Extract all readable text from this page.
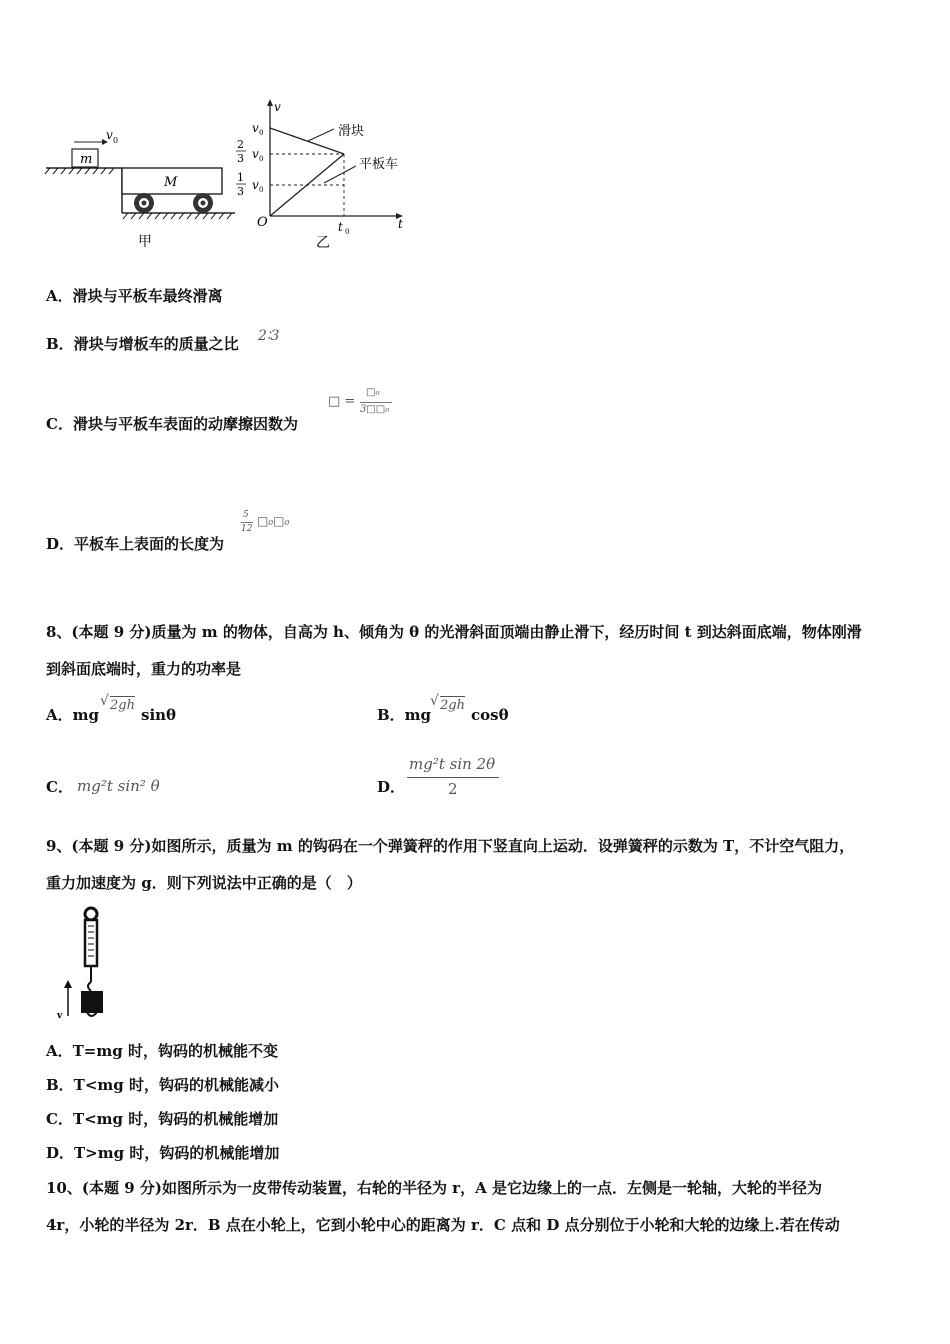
m
v 0
M
甲
v
t
O
v 0
2
3 v 0
1
3 v 0
滑块
平板车
t 0
乙
A．滑块与平板车最终滑离
B．滑块与增板车的质量之比 2∶3
C．滑块与平板车表面的动摩擦因数为
□ =
□₀
3□□₀
D．平板车上表面的长度为
5
12
□₀□₀
8、(本题 9 分)质量为 m 的物体，自高为 h、倾角为 θ 的光滑斜面顶端由静止滑下，经历时间 t 到达斜面底端，物体刚滑
到斜面底端时，重力的功率是
A．mg
√ 2gh
sinθ	B．mg
√ 2gh
cosθ
C． mg²t sin² θ	D．
mg²t sin 2θ
2
9、(本题 9 分)如图所示，质量为 m 的钩码在一个弹簧秤的作用下竖直向上运动．设弹簧秤的示数为 T，不计空气阻力，
重力加速度为 g．则下列说法中正确的是（　）
v
A．T=mg 时，钩码的机械能不变
B．T<mg 时，钩码的机械能减小
C．T<mg 时，钩码的机械能增加
D．T>mg 时，钩码的机械能增加
10、(本题 9 分)如图所示为一皮带传动装置，右轮的半径为 r，A 是它边缘上的一点．左侧是一轮轴，大轮的半径为
4r，小轮的半径为 2r．B 点在小轮上，它到小轮中心的距离为 r．C 点和 D 点分别位于小轮和大轮的边缘上.若在传动
